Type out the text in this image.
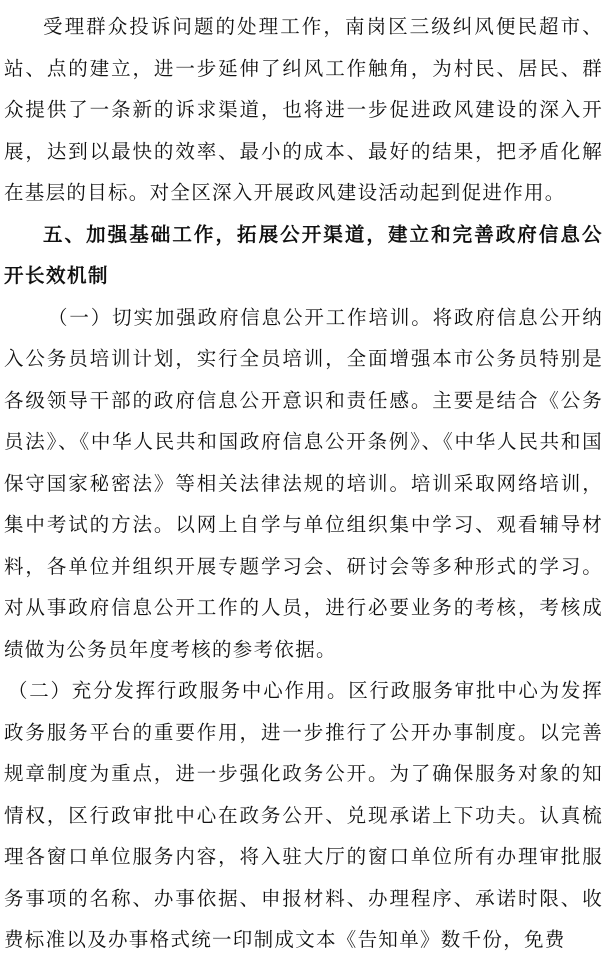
受理群众投诉问题的处理工作，南岗区三级纠风便民超市、站、点的建立，进一步延伸了纠风工作触角，为村民、居民、群众提供了一条新的诉求渠道，也将进一步促进政风建设的深入开展，达到以最快的效率、最小的成本、最好的结果，把矛盾化解在基层的目标。对全区深入开展政风建设活动起到促进作用。

五、加强基础工作，拓展公开渠道，建立和完善政府信息公开长效机制

（一）切实加强政府信息公开工作培训。将政府信息公开纳入公务员培训计划，实行全员培训，全面增强本市公务员特别是各级领导干部的政府信息公开意识和责任感。主要是结合《公务员法》、《中华人民共和国政府信息公开条例》、《中华人民共和国保守国家秘密法》等相关法律法规的培训。培训采取网络培训，集中考试的方法。以网上自学与单位组织集中学习、观看辅导材料，各单位并组织开展专题学习会、研讨会等多种形式的学习。对从事政府信息公开工作的人员，进行必要业务的考核，考核成绩做为公务员年度考核的参考依据。

（二）充分发挥行政服务中心作用。区行政服务审批中心为发挥政务服务平台的重要作用，进一步推行了公开办事制度。以完善规章制度为重点，进一步强化政务公开。为了确保服务对象的知情权，区行政审批中心在政务公开、兑现承诺上下功夫。认真梳理各窗口单位服务内容，将入驻大厅的窗口单位所有办理审批服务事项的名称、办事依据、申报材料、办理程序、承诺时限、收费标准以及办事格式统一印制成文本《告知单》数千份，免费
